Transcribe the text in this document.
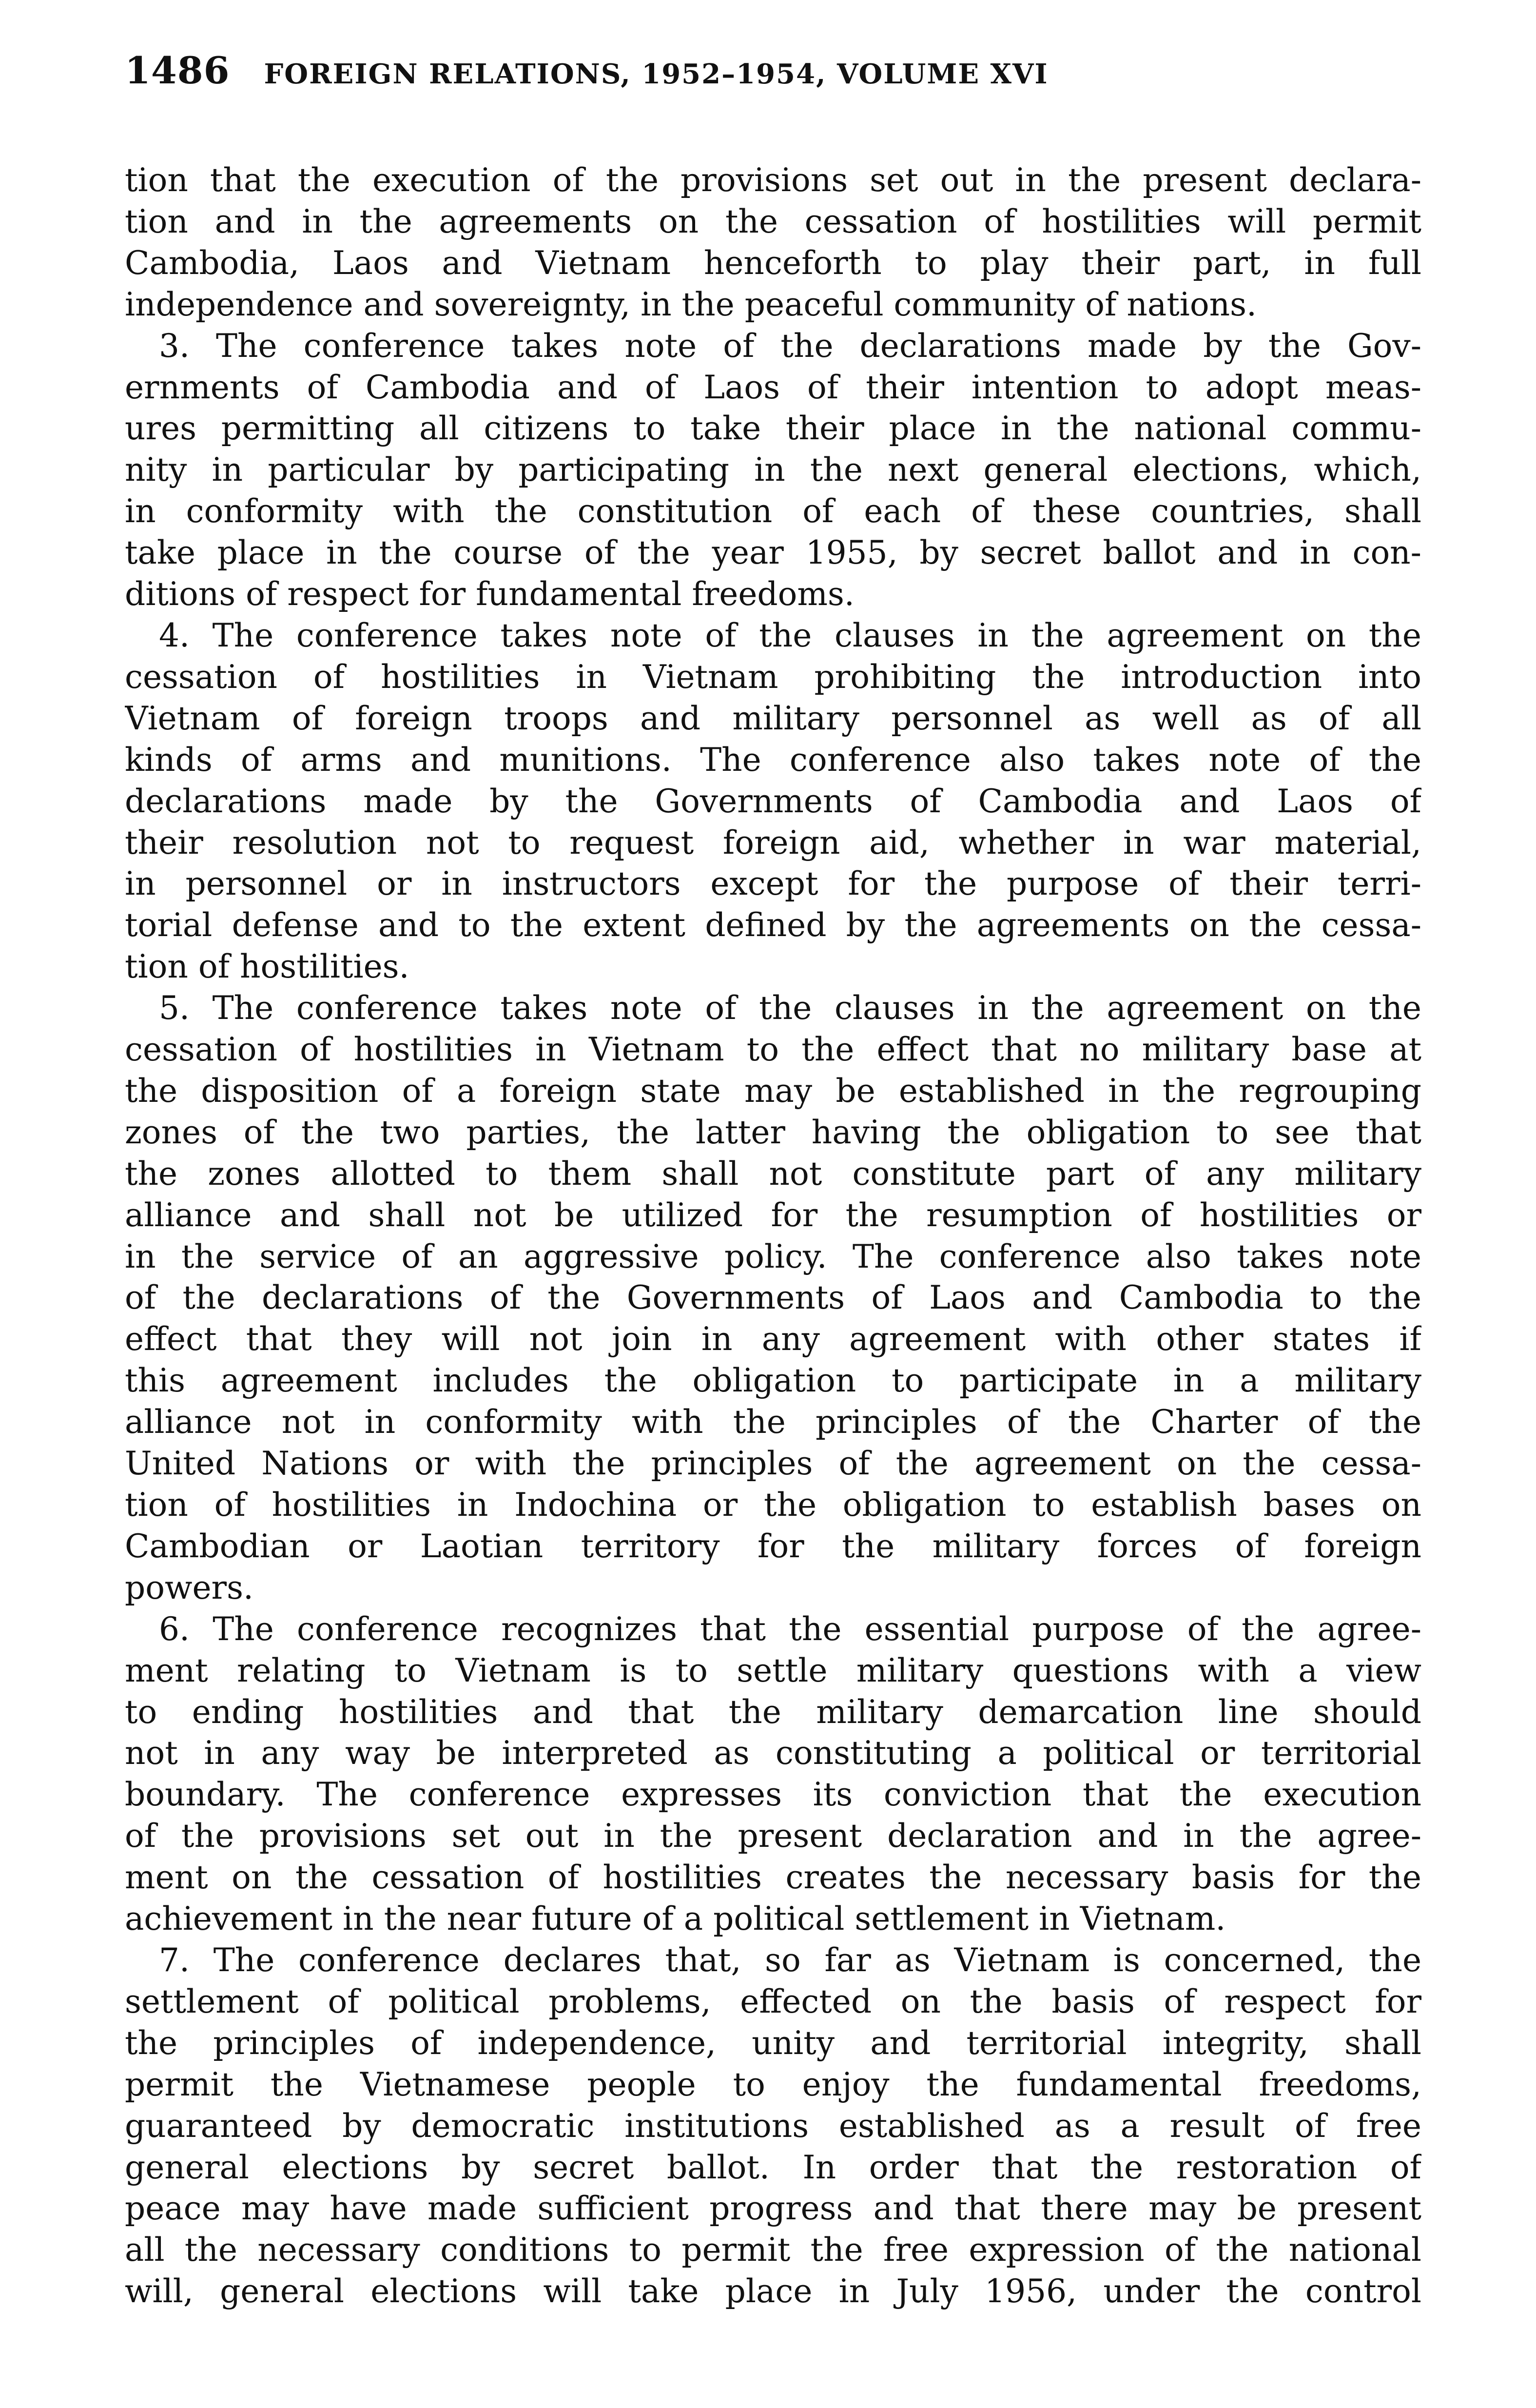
1486 FOREIGN RELATIONS, 1952–1954, VOLUME XVI
tion that the execution of the provisions set out in the present declara-
tion and in the agreements on the cessation of hostilities will permit
Cambodia, Laos and Vietnam henceforth to play their part, in full
independence and sovereignty, in the peaceful community of nations.
3. The conference takes note of the declarations made by the Gov-
ernments of Cambodia and of Laos of their intention to adopt meas-
ures permitting all citizens to take their place in the national commu-
nity in particular by participating in the next general elections, which,
in conformity with the constitution of each of these countries, shall
take place in the course of the year 1955, by secret ballot and in con-
ditions of respect for fundamental freedoms.
4. The conference takes note of the clauses in the agreement on the
cessation of hostilities in Vietnam prohibiting the introduction into
Vietnam of foreign troops and military personnel as well as of all
kinds of arms and munitions. The conference also takes note of the
declarations made by the Governments of Cambodia and Laos of
their resolution not to request foreign aid, whether in war material,
in personnel or in instructors except for the purpose of their terri-
torial defense and to the extent defined by the agreements on the cessa-
tion of hostilities.
5. The conference takes note of the clauses in the agreement on the
cessation of hostilities in Vietnam to the effect that no military base at
the disposition of a foreign state may be established in the regrouping
zones of the two parties, the latter having the obligation to see that
the zones allotted to them shall not constitute part of any military
alliance and shall not be utilized for the resumption of hostilities or
in the service of an aggressive policy. The conference also takes note
of the declarations of the Governments of Laos and Cambodia to the
effect that they will not join in any agreement with other states if
this agreement includes the obligation to participate in a military
alliance not in conformity with the principles of the Charter of the
United Nations or with the principles of the agreement on the cessa-
tion of hostilities in Indochina or the obligation to establish bases on
Cambodian or Laotian territory for the military forces of foreign
powers.
6. The conference recognizes that the essential purpose of the agree-
ment relating to Vietnam is to settle military questions with a view
to ending hostilities and that the military demarcation line should
not in any way be interpreted as constituting a political or territorial
boundary. The conference expresses its conviction that the execution
of the provisions set out in the present declaration and in the agree-
ment on the cessation of hostilities creates the necessary basis for the
achievement in the near future of a political settlement in Vietnam.
7. The conference declares that, so far as Vietnam is concerned, the
settlement of political problems, effected on the basis of respect for
the principles of independence, unity and territorial integrity, shall
permit the Vietnamese people to enjoy the fundamental freedoms,
guaranteed by democratic institutions established as a result of free
general elections by secret ballot. In order that the restoration of
peace may have made sufficient progress and that there may be present
all the necessary conditions to permit the free expression of the national
will, general elections will take place in July 1956, under the control
